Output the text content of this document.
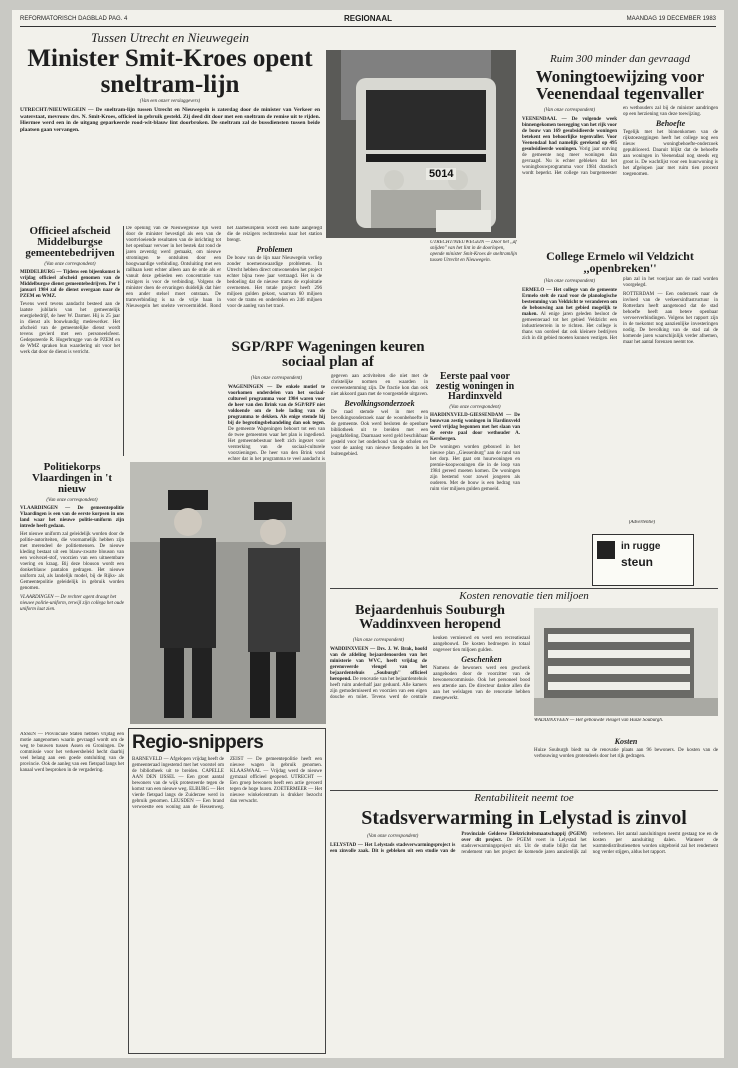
REFORMATORISCH DAGBLAD PAG. 4	REGIONAAL	MAANDAG 19 DECEMBER 1983
Tussen Utrecht en Nieuwegein
Minister Smit-Kroes opent sneltram-lijn
(Van een onzer verslaggevers)
UTRECHT/NIEUWEGEIN — De sneltram-lijn tussen Utrecht en Nieuwegein is zaterdag door de minister van Verkeer en waterstaat, mevrouw drs. N. Smit-Kroes, officieel in gebruik gesteld. Zij deed dit door met een sneltram de remise uit te rijden. Hiermee werd een in de uitgang geparkeerde rood-wit-blauw lint doorbroken. De sneltram zal de bussdiensten tussen beide plaatsen gaan vervangen.
Officieel afscheid Middelburgse gemeentebedrijven
(Van onze correspondent)
MIDDELBURG — Tijdens een bijeenkomst is vrijdag officieel afscheid genomen van de Middelburgse dienst gemeentebedrijven. Per 1 januari 1984 zal de dienst overgaan naar de PZEM en WMZ.
Tevens werd tevens aandacht besteed aan de laatste jubilaris van het gemeentelijk energiebedrijf, de heer W. Darmer. Hij is 25 jaar in dienst als bouwkundig medewerker. Het afscheid van de gemeentelijke dienst wordt tevens gevierd met een personeelsfeest. Gedeputeerde R. Hogerbrugge van de PZEM en de WMZ spraken hun waardering uit voor het werk dat door de dienst is verricht.
De opening van de Nieuwegeinse lijn werd door de minister bevestigd als een van de voortvloeiende resultaten van de inrichting tot het openbaar vervoer in het bestek dat rond de jaren zeventig werd gemaakt, om nieuwe stromingen te ontsluiten door een hoogwaardige verbinding. Ontsluiting met een railbaan kent echter alleen aan de orde als er vanuit deze gebieden een concentratie van reizigers is voor de verbinding. Volgens de minister doen de ervaringen duidelijk dat hier een ander stelsel moet ontstaan. De tramverbinding is na de vrije baan in Nieuwegein het snelste vervoermiddel. Rond het Jaarbeursplein wordt een halte aangelegd die de reizigers rechtstreeks naar het station brengt.
Problemen
De bouw van de lijn naar Nieuwegein verliep zonder noemenswaardige problemen. In Utrecht hebben direct omwonenden het project echter bijna twee jaar vertraagd. Het is de bedoeling dat de nieuwe trams de exploitatie overnemen. Het totale project heeft 296 miljoen gulden gekost, waarvan 60 miljoen voor de trams en onderdelen en 246 miljoen voor de aanleg van het tracé.
5014
UTRECHT/NIEUWEGEIN — Door het ,,af snijden'' van het lint in de doorlopen, opende minister Smit-Kroes de sneltramlijn tussen Utrecht en Nieuwegein.
Ruim 300 minder dan gevraagd
Woningtoewijzing voor Veenendaal tegenvaller
(Van onze correspondent)
VEENENDAAL — De volgende week binnengekomen toezegging van het rijk voor de bouw van 169 gesubsidieerde woningen betekent een behoorlijke tegenvaller. Voor Veenendaal had namelijk gerekend op 495 gesubsidieerde woningen. Vorig jaar ontving de gemeente nog meer woningen dan gevraagd. Nu is echter gebleken dat het woningbouwprogramma voor 1984 drastisch wordt beperkt. Het college van burgemeester en wethouders zal bij de minister aandringen op een herziening van deze toewijzing.
Behoefte
Tegelijk met het binnenkomen van de rijkstoezeggingen heeft het college nog een nieuw woningbehoefte-onderzoek gepubliceerd. Daaruit blijkt dat de behoefte aan woningen in Veenendaal nog steeds erg groot is. De wachtlijst voor een huurwoning is het afgelopen jaar met ruim tien procent toegenomen.
SGP/RPF Wageningen keuren sociaal plan af
(Van onze correspondent)
WAGENINGEN — De enkele motief te voorkomen onderdelen van het sociaal-cultureel programma voor 1984 waren voor de heer van den Brink van de SGP/RPF niet voldoende om de hele lading van de programma te dekken. Als enige stemde hij bij de begrotingsbehandeling dan ook tegen. De gemeente Wageningen behoort tot een van de twee gemeenten waar het plan is ingediend. Het gemeentebestuur heeft zich ingezet voor versterking van de sociaal-culturele voorzieningen. De heer van den Brink vond echter dat in het programma te veel aandacht is gegeven aan activiteiten die niet met de christelijke normen en waarden in overeenstemming zijn. De fractie kon dan ook niet akkoord gaan met de voorgestelde uitgaven.
Bevolkingsonderzoek
De raad stemde wel in met een bevolkingsonderzoek naar de woonbehoefte in de gemeente. Ook werd besloten de openbare bibliotheek uit te breiden met een jeugdafdeling. Daarnaast werd geld beschikbaar gesteld voor het onderhoud van de scholen en voor de aanleg van nieuwe fietspaden in het buitengebied.
College Ermelo wil Veldzicht ,,openbreken''
(Van onze correspondent)
ERMELO — Het college van de gemeente Ermelo stelt de raad voor de planologische bestemming van Veldzicht te veranderen om de bebouwing aan het gebied mogelijk te maken. Al enige jaren geleden besloot de gemeenteraad tot het gebied Veldzicht een industrieterrein in te richten. Het college is thans van oordeel dat ook kleinere bedrijven zich in dit gebied moeten kunnen vestigen. Het plan zal in het voorjaar aan de raad worden voorgelegd.
ROTTERDAM — Een onderzoek naar de invloed van de verkeersinfrastructuur in Rotterdam heeft aangetoond dat de stad behoefte heeft aan betere openbaar vervoerverbindingen. Volgens het rapport zijn in de toekomst nog aanzienlijke investeringen nodig. De bevolking van de stad zal de komende jaren waarschijnlijk verder afnemen, maar het aantal forenzen neemt toe.
Eerste paal voor zestig woningen in Hardinxveld
(Van onze correspondent)
HARDINXVELD-GIESSENDAM — De bouwvan zestig woningen in Hardinxveld werd vrijdag begonnen met het slaan van de eerste paal door wethouder A. Kersbergen.
De woningen worden gebouwd in het nieuwe plan ,,Giessenburg'' aan de rand van het dorp. Het gaat om huurwoningen en premie-koopwoningen die in de loop van 1984 gereed moeten komen. De woningen zijn bestemd voor zowel jongeren als ouderen. Met de bouw is een bedrag van ruim vier miljoen gulden gemoeid.
(Advertentie)
in rugge
steun
Politiekorps Vlaardingen in 't nieuw
(Van onze correspondent)
VLAARDINGEN — De gemeentepolitie Vlaardingen is een van de eerste korpsen in ons land waar het nieuwe politie-uniform zijn intrede heeft gedaan.
Het nieuwe uniform zal geleidelijk worden door de politie-autoriteiten, die voornamelijk hebben zijn met merendeel de politiemensen. De nieuwe kleding bestaat uit een blauw-zwarte blouson van een wolvezel-stof, voorzien van een uitneembare voering en kraag. Bij deze blouson wordt een donkerblauw pantalon gedragen. Het nieuwe uniform zal, als landelijk model, bij de Rijks- als Gemeentepolitie geleidelijk in gebruik worden genomen.
VLAARDINGEN — De rechter agent draagt het nieuwe politie-uniform, terwijl zijn collega het oude uniform laat zien.
ASSEN — Provinciale Staten hebben vrijdag een motie aangenomen waarin gevraagd wordt om de weg te bouwen tussen Assen en Groningen. De commissie voor het verkeersbeleid hecht daarbij veel belang aan een goede ontsluiting van de provincie. Ook de aanleg van een fietspad langs het kanaal werd besproken in de vergadering.
Kosten renovatie tien miljoen
Bejaardenhuis Souburgh Waddinxveen heropend
(Van onze correspondent)
WADDINXVEEN — Drs. J. W. Brak, hoofd van de afdeling bejaardenoorden van het ministerie van WVC, heeft vrijdag de gerenoveerde vleugel van het bejaardentehuis ,,Souburgh'' officieel heropend. De renovatie van het bejaardentehuis heeft ruim anderhalf jaar geduurd. Alle kamers zijn gemoderniseerd en voorzien van een eigen douche en toilet. Tevens werd de centrale keuken vernieuwd en werd een recreatiezaal aangebouwd. De kosten bedroegen in totaal ongeveer tien miljoen gulden.
Geschenken
Namens de bewoners werd een geschenk aangeboden door de voorzitter van de bewonerscommissie. Ook het personeel bood een attentie aan. De directeur dankte allen die aan het welslagen van de renovatie hebben meegewerkt.
WADDINXVEEN — Het gebouwde vleugel van Huize Souburgh.
Kosten
Huize Souburgh biedt na de renovatie plaats aan 96 bewoners. De kosten van de verbouwing worden grotendeels door het rijk gedragen.
Regio-snippers
BARNEVELD — Afgelopen vrijdag heeft de gemeenteraad ingestemd met het voorstel om de bibliotheek uit te breiden. CAPELLE AAN DEN IJSSEL — Een groot aantal bewoners van de wijk protesteerde tegen de komst van een nieuwe weg. ELBURG — Het vierde fietspad langs de Zuiderzee werd in gebruik genomen. LEUSDEN — Een brand verwoestte een woning aan de Hessenweg. ZEIST — De gemeentepolitie heeft een nieuwe wagen in gebruik genomen. KLAASWAAL — Vrijdag werd de nieuwe gymzaal officieel geopend. UTRECHT — Een groep bewoners heeft een actie gevoerd tegen de hoge huren. ZOETERMEER — Het nieuwe winkelcentrum is drukker bezocht dan verwacht.	Rentabiliteit neemt toe
Stadsverwarming in Lelystad is zinvol
(Van onze correspondent)
LELYSTAD — Het Lelystads stadsverwarmingsproject is een zinvolle zaak. Dit is gebleken uit een studie van de Provinciale Gelderse Elektriciteitsmaatschappij (PGEM) over dit project. De PGEM voert in Lelystad het stadsverwarmingsproject uit. Uit de studie blijkt dat het rendement van het project de komende jaren aanzienlijk zal verbeteren. Het aantal aansluitingen neemt gestaag toe en de kosten per aansluiting dalen. Wanneer de warmtedistributienetten worden uitgebreid zal het rendement nog verder stijgen, aldus het rapport.
